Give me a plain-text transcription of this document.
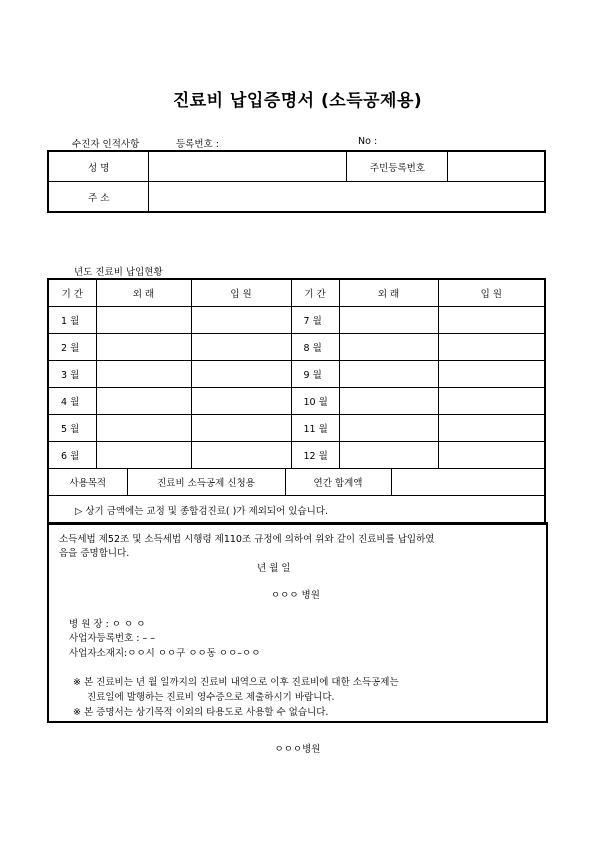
진료비 납입증명서 (소득공제용)
수진자 인적사항	등록번호 :	No :
성 명		주민등록번호	
주 소			
년도 진료비 납입현황
기 간	외 래	입 원	기 간	외 래	입 원
1 월			7 월		
2 월			8 월		
3 월			9 월		
4 월			10 월		
5 월			11 월		
6 월			12 월		

사용목적	진료비 소득공제 신청용	연간 합계액	

▷ 상기 금액에는 교정 및 종합검진료( )가 제외되어 있습니다.
소득세법 제52조 및 소득세법 시행령 제110조 규정에 의하여 위와 같이 진료비를 납입하였
음을 증명합니다.
년 월 일
ㅇㅇㅇ 병원
병 원 장 : ㅇ ㅇ ㅇ
사업자등록번호 : – –
사업자소재지:ㅇㅇ시 ㅇㅇ구 ㅇㅇ동 ㅇㅇ–ㅇㅇ
※ 본 진료비는 년 월 일까지의 진료비 내역으로 이후 진료비에 대한 소득공제는
진료일에 발행하는 진료비 영수증으로 제출하시기 바랍니다.
※ 본 증명서는 상기목적 이외의 타용도로 사용할 수 없습니다.
ㅇㅇㅇ병원
